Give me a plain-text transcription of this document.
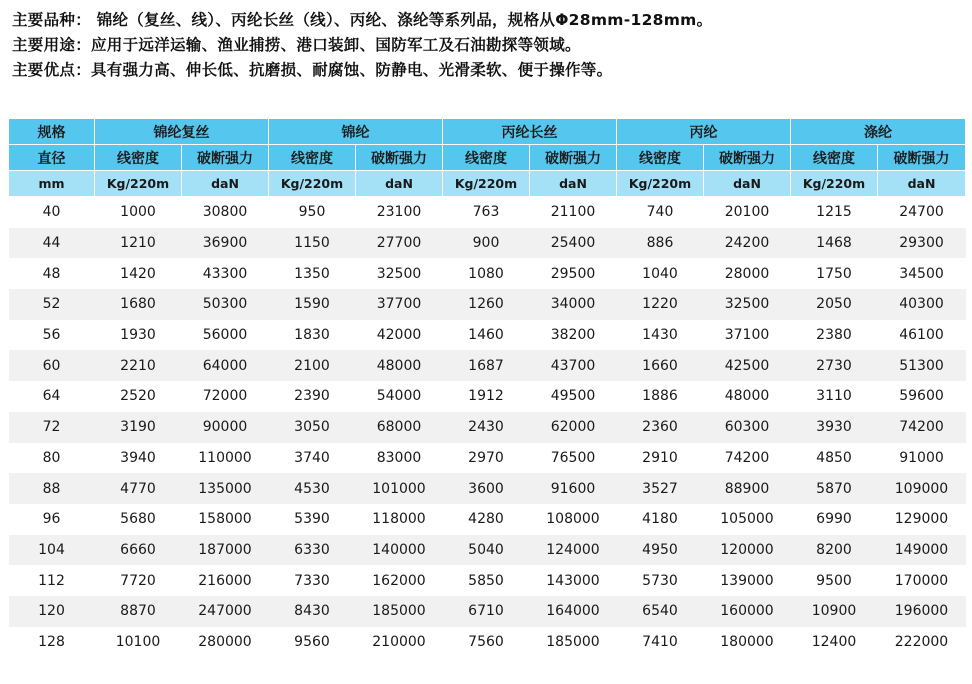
主要品种： 锦纶（复丝、线）、丙纶长丝（线）、丙纶、涤纶等系列品，规格从Φ28mm-128mm。
主要用途：应用于远洋运输、渔业捕捞、港口装卸、国防军工及石油勘探等领域。
主要优点：具有强力高、伸长低、抗磨损、耐腐蚀、防静电、光滑柔软、便于操作等。
规格	锦纶复丝		锦纶		丙纶长丝		丙纶		涤纶	
直径	线密度	破断强力	线密度	破断强力	线密度	破断强力	线密度	破断强力	线密度	破断强力
mm	Kg/220m	daN	Kg/220m	daN	Kg/220m	daN	Kg/220m	daN	Kg/220m	daN
40	1000	30800	950	23100	763	21100	740	20100	1215	24700
44	1210	36900	1150	27700	900	25400	886	24200	1468	29300
48	1420	43300	1350	32500	1080	29500	1040	28000	1750	34500
52	1680	50300	1590	37700	1260	34000	1220	32500	2050	40300
56	1930	56000	1830	42000	1460	38200	1430	37100	2380	46100
60	2210	64000	2100	48000	1687	43700	1660	42500	2730	51300
64	2520	72000	2390	54000	1912	49500	1886	48000	3110	59600
72	3190	90000	3050	68000	2430	62000	2360	60300	3930	74200
80	3940	110000	3740	83000	2970	76500	2910	74200	4850	91000
88	4770	135000	4530	101000	3600	91600	3527	88900	5870	109000
96	5680	158000	5390	118000	4280	108000	4180	105000	6990	129000
104	6660	187000	6330	140000	5040	124000	4950	120000	8200	149000
112	7720	216000	7330	162000	5850	143000	5730	139000	9500	170000
120	8870	247000	8430	185000	6710	164000	6540	160000	10900	196000
128	10100	280000	9560	210000	7560	185000	7410	180000	12400	222000
